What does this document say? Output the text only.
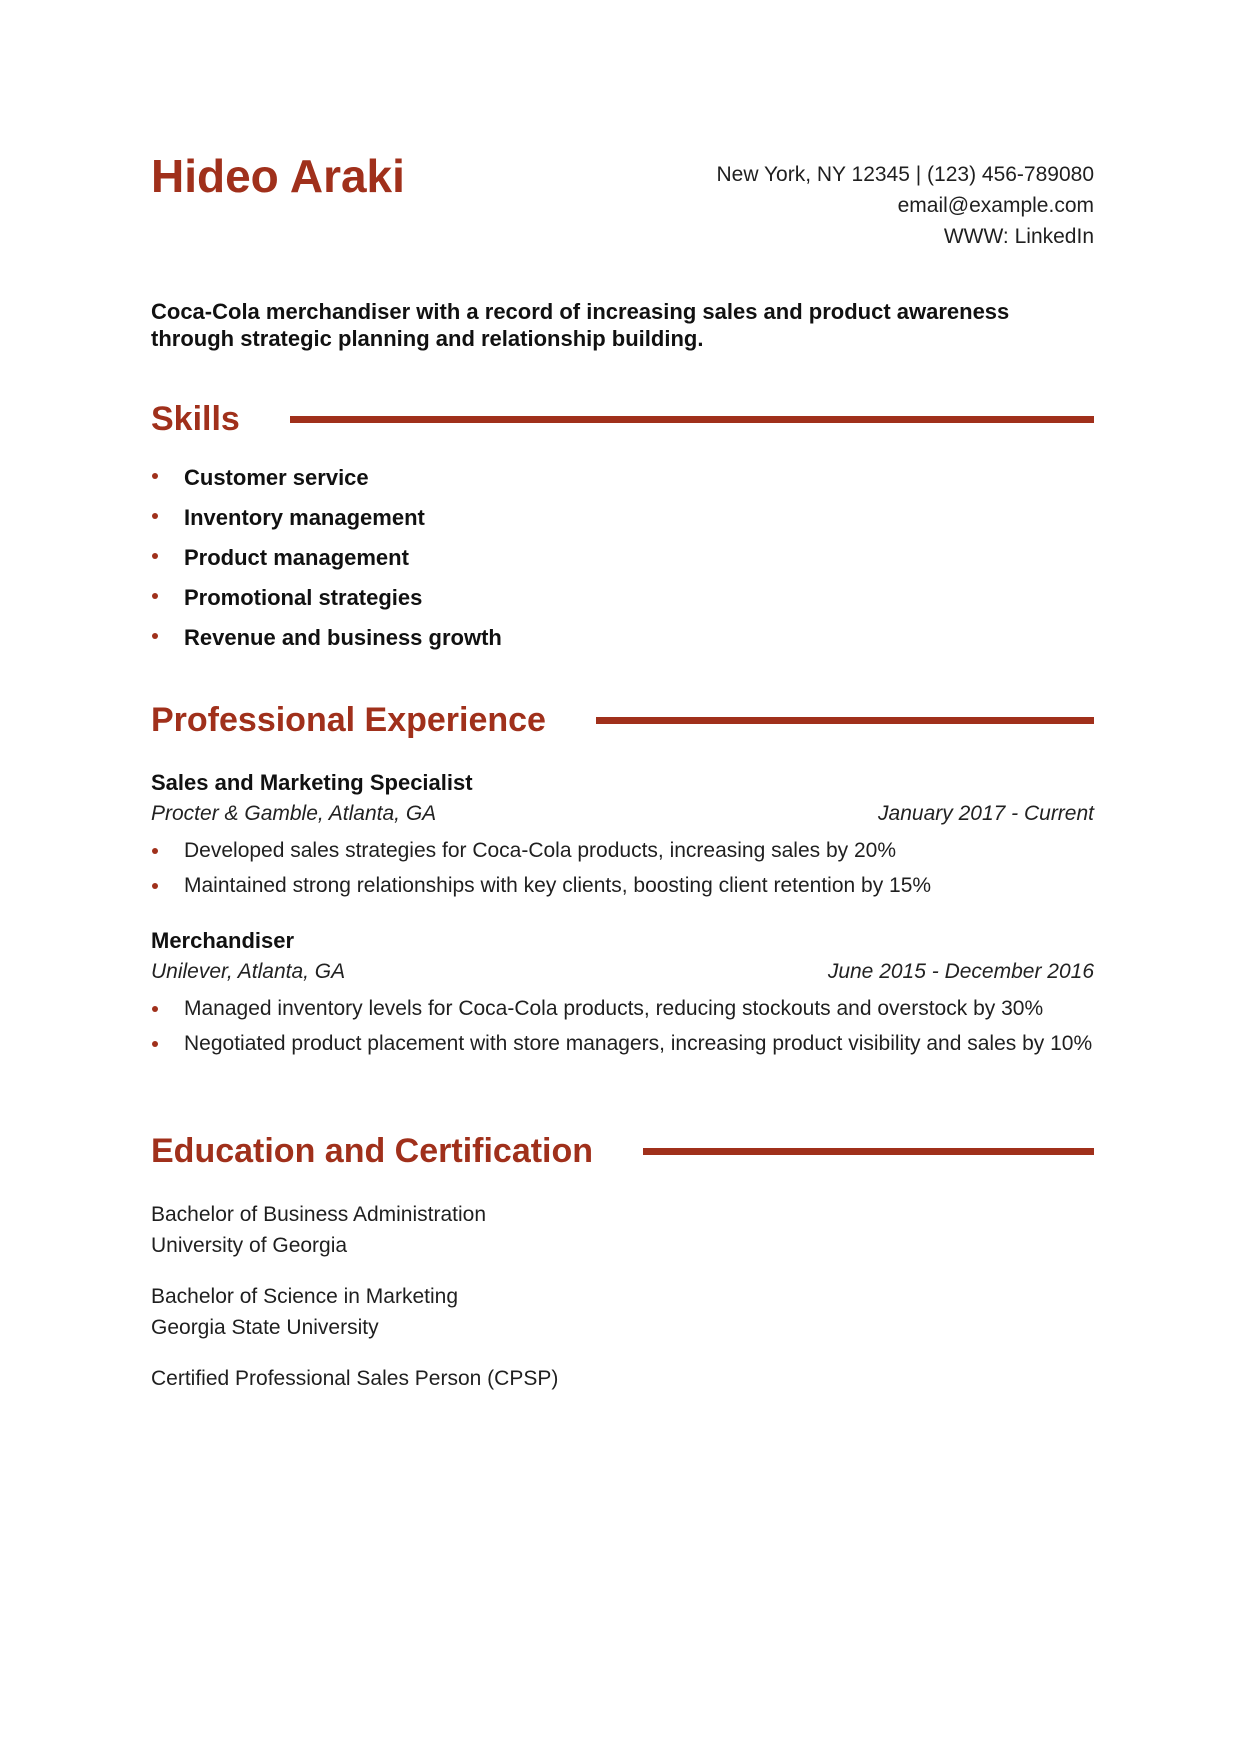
Hideo Araki	New York, NY 12345 | (123) 456-789080
email@example.com
WWW: LinkedIn

Coca-Cola merchandiser with a record of increasing sales and product awareness through strategic planning and relationship building.

Skills
Customer service
Inventory management
Product management
Promotional strategies
Revenue and business growth
Professional Experience
Sales and Marketing Specialist
Procter & Gamble, Atlanta, GA	January 2017 - Current
Developed sales strategies for Coca-Cola products, increasing sales by 20%
Maintained strong relationships with key clients, boosting client retention by 15%
Merchandiser
Unilever, Atlanta, GA	June 2015 - December 2016
Managed inventory levels for Coca-Cola products, reducing stockouts and overstock by 30%
Negotiated product placement with store managers, increasing product visibility and sales by 10%
Education and Certification
Bachelor of Business Administration
University of Georgia
Bachelor of Science in Marketing
Georgia State University
Certified Professional Sales Person (CPSP)
